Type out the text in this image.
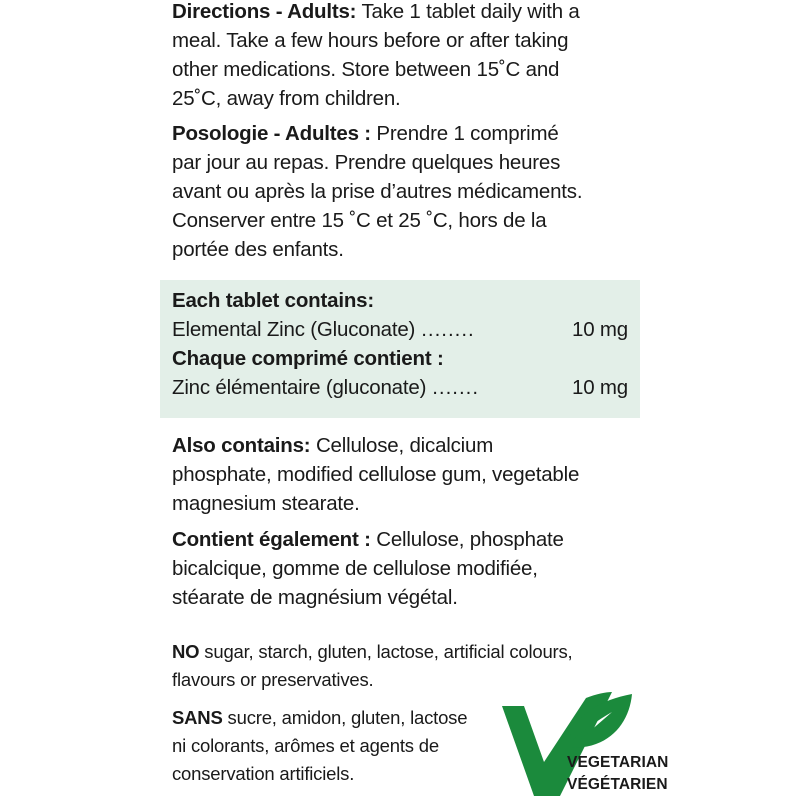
Directions - Adults: Take 1 tablet daily with a
meal. Take a few hours before or after taking
other medications. Store between 15˚C and
25˚C, away from children.

Posologie - Adultes : Prendre 1 comprimé
par jour au repas. Prendre quelques heures
avant ou après la prise d’autres médicaments.
Conserver entre 15 ˚C et 25 ˚C, hors de la
portée des enfants.

Each tablet contains:
Elemental Zinc (Gluconate) ........	10 mg
Chaque comprimé contient :
Zinc élémentaire (gluconate) .......	10 mg

Also contains: Cellulose, dicalcium
phosphate, modified cellulose gum, vegetable
magnesium stearate.

Contient également : Cellulose, phosphate
bicalcique, gomme de cellulose modifiée,
stéarate de magnésium végétal.

NO sugar, starch, gluten, lactose, artificial colours,
flavours or preservatives.

SANS sucre, amidon, gluten, lactose
ni colorants, arômes et agents de
conservation artificiels.

VEGETARIAN
VÉGÉTARIEN
